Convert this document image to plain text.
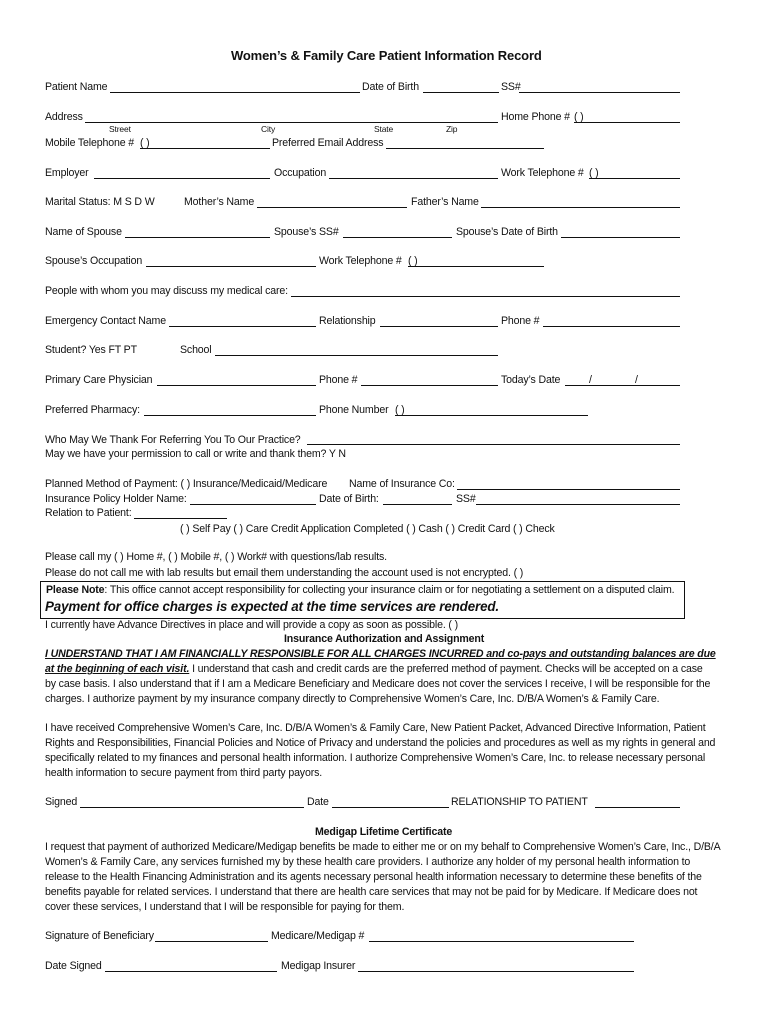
Women’s & Family Care Patient Information Record
Patient Name	Date of Birth	SS#
Address	Home Phone # ( )
Street	City	State	Zip
Mobile Telephone # ( )	Preferred Email Address
Employer	Occupation	Work Telephone # ( )
Marital Status: M S D W	Mother’s Name	Father’s Name
Name of Spouse	Spouse’s SS#	Spouse’s Date of Birth
Spouse’s Occupation	Work Telephone # ( )
People with whom you may discuss my medical care:
Emergency Contact Name	Relationship	Phone #
Student? Yes FT PT	School
Primary Care Physician	Phone #	Today’s Date	/	/
Preferred Pharmacy:	Phone Number ( )
Who May We Thank For Referring You To Our Practice?
May we have your permission to call or write and thank them? Y N
Planned Method of Payment: ( ) Insurance/Medicaid/Medicare Name of Insurance Co:
Insurance Policy Holder Name:	Date of Birth:	SS#
Relation to Patient:
( ) Self Pay ( ) Care Credit Application Completed ( ) Cash ( ) Credit Card ( ) Check
Please call my ( ) Home #, ( ) Mobile #, ( ) Work# with questions/lab results.
Please do not call me with lab results but email them understanding the account used is not encrypted. ( )
Please Note: This office cannot accept responsibility for collecting your insurance claim or for negotiating a settlement on a disputed claim.
Payment for office charges is expected at the time services are rendered.
I currently have Advance Directives in place and will provide a copy as soon as possible. ( )
Insurance Authorization and Assignment
I UNDERSTAND THAT I AM FINANCIALLY RESPONSIBLE FOR ALL CHARGES INCURRED and co-pays and outstanding balances are due
at the beginning of each visit. I understand that cash and credit cards are the preferred method of payment. Checks will be accepted on a case
by case basis. I also understand that if I am a Medicare Beneficiary and Medicare does not cover the services I receive, I will be responsible for the
charges. I authorize payment by my insurance company directly to Comprehensive Women’s Care, Inc. D/B/A Women’s & Family Care.
I have received Comprehensive Women’s Care, Inc. D/B/A Women’s & Family Care, New Patient Packet, Advanced Directive Information, Patient
Rights and Responsibilities, Financial Policies and Notice of Privacy and understand the policies and procedures as well as my rights in general and
specifically related to my finances and personal health information. I authorize Comprehensive Women’s Care, Inc. to release necessary personal
health information to secure payment from third party payors.
Signed	Date	RELATIONSHIP TO PATIENT
Medigap Lifetime Certificate
I request that payment of authorized Medicare/Medigap benefits be made to either me or on my behalf to Comprehensive Women’s Care, Inc., D/B/A
Women’s & Family Care, any services furnished my by these health care providers. I authorize any holder of my personal health information to
release to the Health Financing Administration and its agents necessary personal health information necessary to determine these benefits of the
benefits payable for related services. I understand that there are health care services that may not be paid for by Medicare. If Medicare does not
cover these services, I understand that I will be responsible for paying for them.
Signature of Beneficiary	Medicare/Medigap #
Date Signed	Medigap Insurer
